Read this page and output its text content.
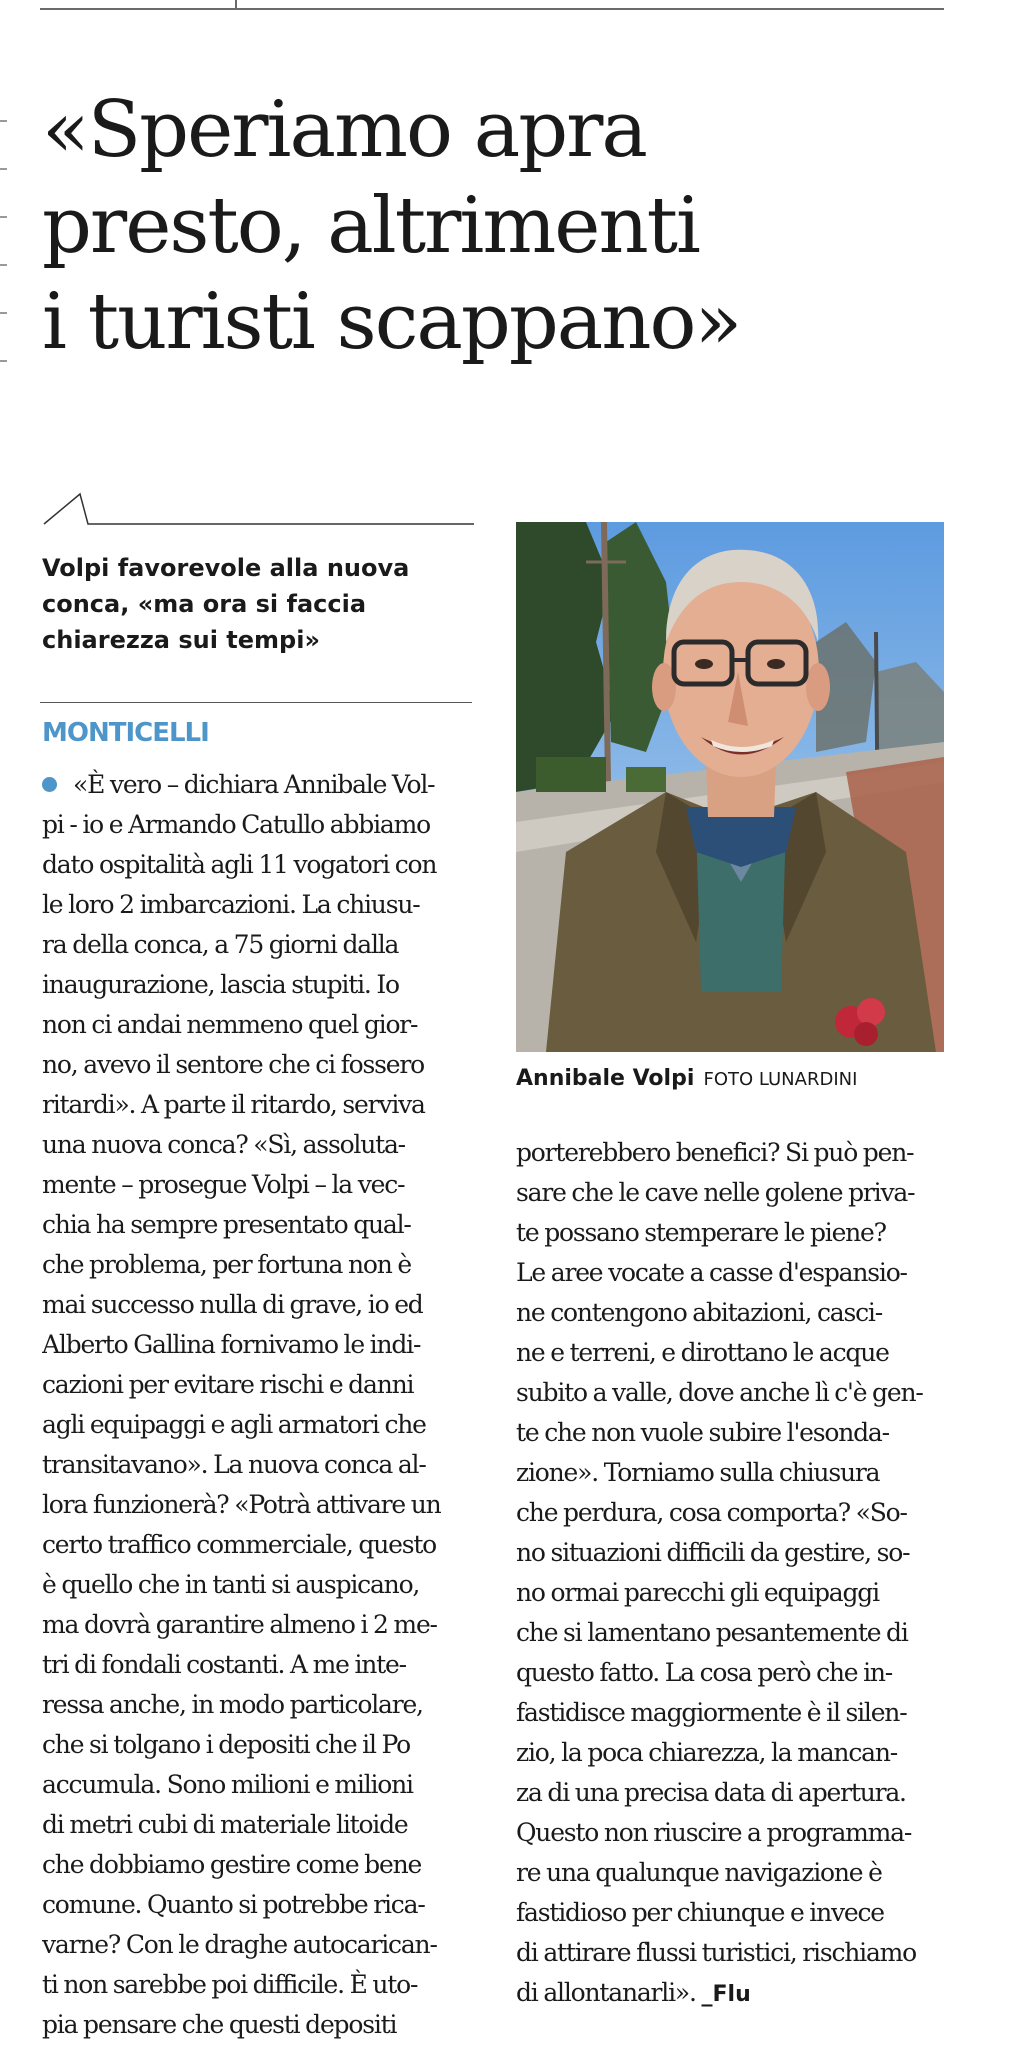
«Speriamo apra
presto, altrimenti
i turisti scappano»

Volpi favorevole alla nuova
conca, «ma ora si faccia
chiarezza sui tempi»

MONTICELLI
Annibale Volpi FOTO LUNARDINI
«È vero – dichiara Annibale Vol-
pi - io e Armando Catullo abbiamo
dato ospitalità agli 11 vogatori con
le loro 2 imbarcazioni. La chiusu-
ra della conca, a 75 giorni dalla
inaugurazione, lascia stupiti. Io
non ci andai nemmeno quel gior-
no, avevo il sentore che ci fossero
ritardi». A parte il ritardo, serviva
una nuova conca? «Sì, assoluta-
mente – prosegue Volpi – la vec-
chia ha sempre presentato qual-
che problema, per fortuna non è
mai successo nulla di grave, io ed
Alberto Gallina fornivamo le indi-
cazioni per evitare rischi e danni
agli equipaggi e agli armatori che
transitavano». La nuova conca al-
lora funzionerà? «Potrà attivare un
certo traffico commerciale, questo
è quello che in tanti si auspicano,
ma dovrà garantire almeno i 2 me-
tri di fondali costanti. A me inte-
ressa anche, in modo particolare,
che si tolgano i depositi che il Po
accumula. Sono milioni e milioni
di metri cubi di materiale litoide
che dobbiamo gestire come bene
comune. Quanto si potrebbe rica-
varne? Con le draghe autocarican-
ti non sarebbe poi difficile. È uto-
pia pensare che questi depositi
porterebbero benefici? Si può pen-
sare che le cave nelle golene priva-
te possano stemperare le piene?
Le aree vocate a casse d'espansio-
ne contengono abitazioni, casci-
ne e terreni, e dirottano le acque
subito a valle, dove anche lì c'è gen-
te che non vuole subire l'esonda-
zione». Torniamo sulla chiusura
che perdura, cosa comporta? «So-
no situazioni difficili da gestire, so-
no ormai parecchi gli equipaggi
che si lamentano pesantemente di
questo fatto. La cosa però che in-
fastidisce maggiormente è il silen-
zio, la poca chiarezza, la mancan-
za di una precisa data di apertura.
Questo non riuscire a programma-
re una qualunque navigazione è
fastidioso per chiunque e invece
di attirare flussi turistici, rischiamo
di allontanarli». _Flu
